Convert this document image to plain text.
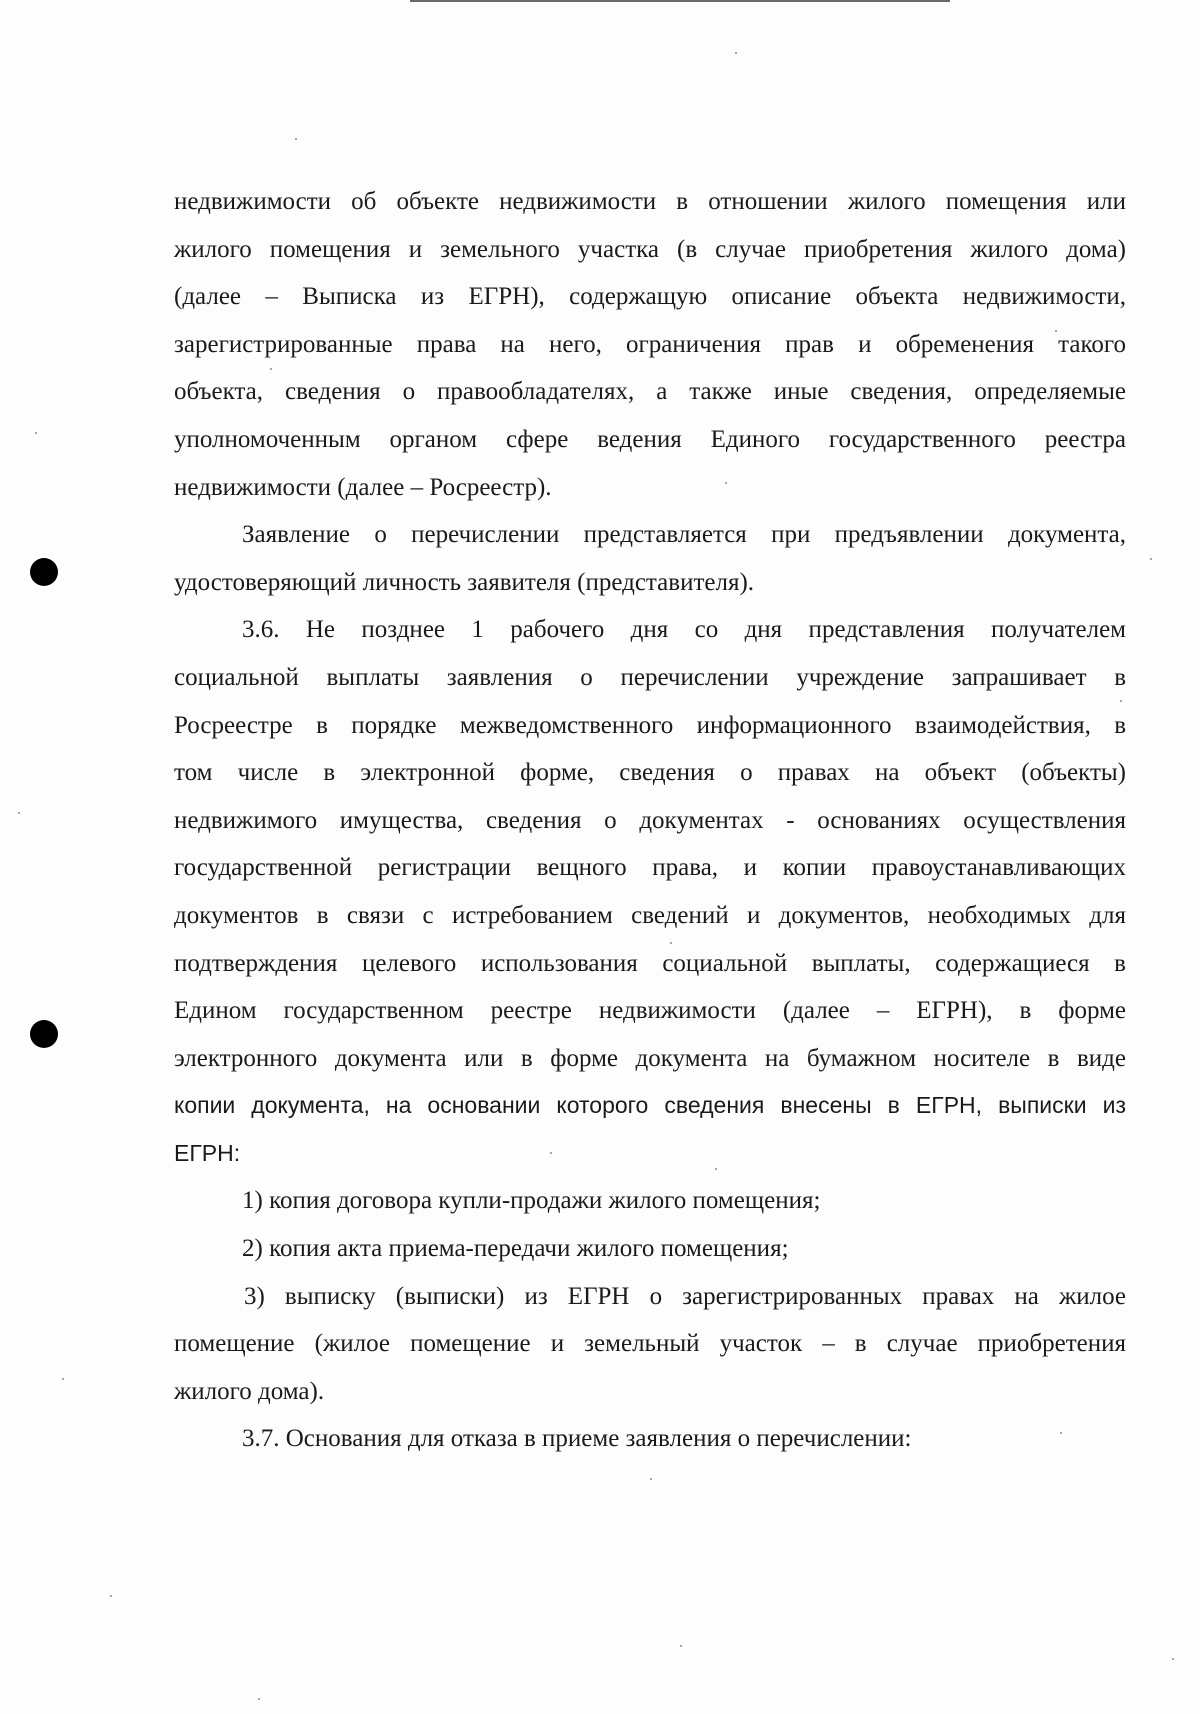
недвижимости об объекте недвижимости в отношении жилого помещения или
жилого помещения и земельного участка (в случае приобретения жилого дома)
(далее – Выписка из ЕГРН), содержащую описание объекта недвижимости,
зарегистрированные права на него, ограничения прав и обременения такого
объекта, сведения о правообладателях, а также иные сведения, определяемые
уполномоченным органом сфере ведения Единого государственного реестра
недвижимости (далее – Росреестр).
Заявление о перечислении представляется при предъявлении документа,
удостоверяющий личность заявителя (представителя).
3.6. Не позднее 1 рабочего дня со дня представления получателем
социальной выплаты заявления о перечислении учреждение запрашивает в
Росреестре в порядке межведомственного информационного взаимодействия, в
том числе в электронной форме, сведения о правах на объект (объекты)
недвижимого имущества, сведения о документах - основаниях осуществления
государственной регистрации вещного права, и копии правоустанавливающих
документов в связи с истребованием сведений и документов, необходимых для
подтверждения целевого использования социальной выплаты, содержащиеся в
Едином государственном реестре недвижимости (далее – ЕГРН), в форме
электронного документа или в форме документа на бумажном носителе в виде
копии документа, на основании которого сведения внесены в ЕГРН, выписки из
ЕГРН:
1) копия договора купли-продажи жилого помещения;
2) копия акта приема-передачи жилого помещения;
3) выписку (выписки) из ЕГРН о зарегистрированных правах на жилое
помещение (жилое помещение и земельный участок – в случае приобретения
жилого дома).
3.7. Основания для отказа в приеме заявления о перечислении:
